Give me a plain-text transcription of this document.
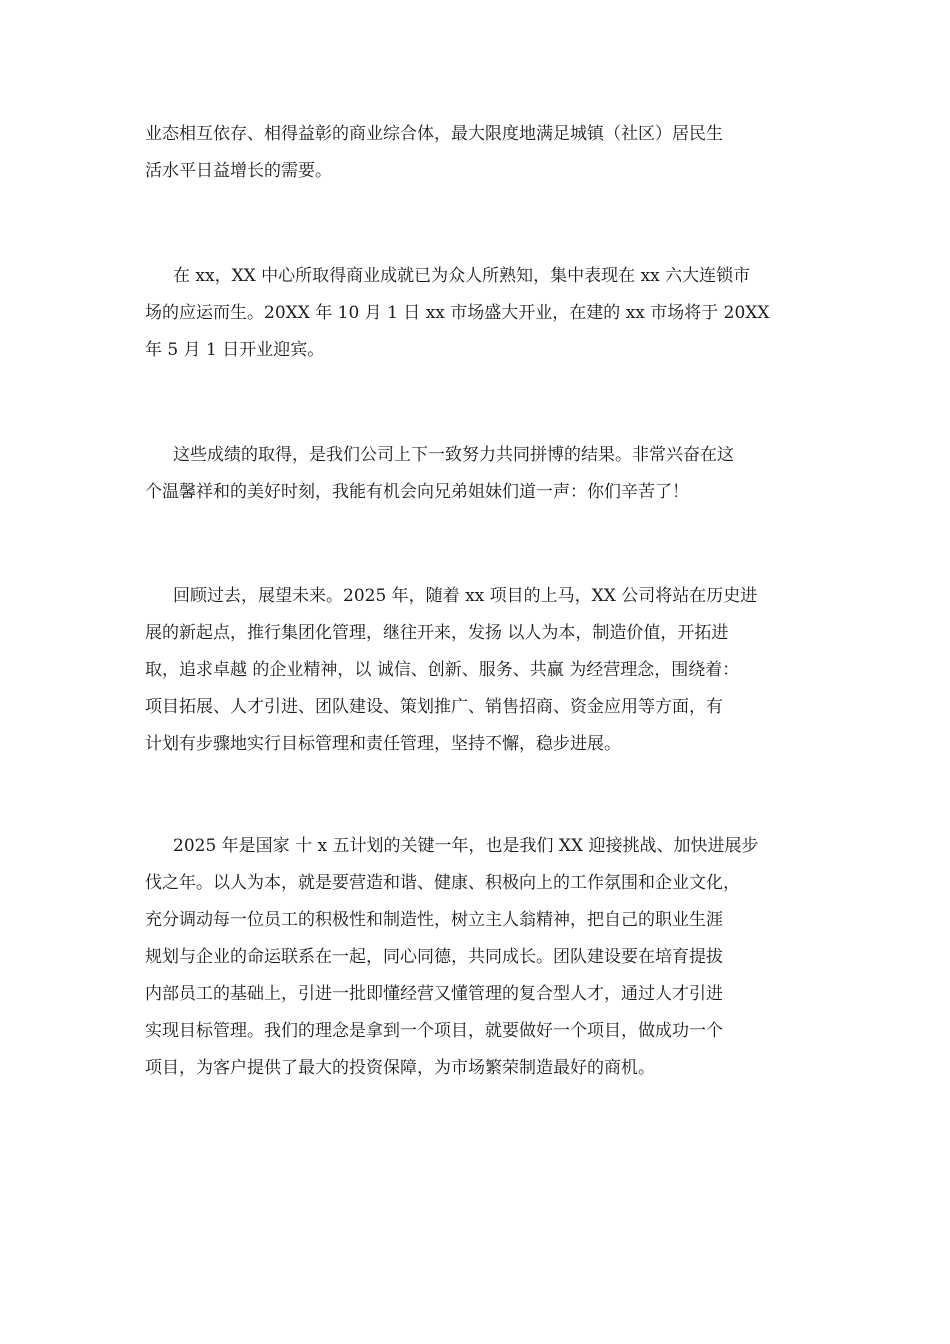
业态相互依存、相得益彰的商业综合体，最大限度地满足城镇（社区）居民生
活水平日益增长的需要。

在 xx，XX 中心所取得商业成就已为众人所熟知，集中表现在 xx 六大连锁市
场的应运而生。20XX 年 10 月 1 日 xx 市场盛大开业，在建的 xx 市场将于 20XX
年 5 月 1 日开业迎宾。

这些成绩的取得，是我们公司上下一致努力共同拼博的结果。非常兴奋在这
个温馨祥和的美好时刻，我能有机会向兄弟姐妹们道一声：你们辛苦了！

回顾过去，展望未来。2025 年，随着 xx 项目的上马，XX 公司将站在历史进
展的新起点，推行集团化管理，继往开来，发扬 以人为本，制造价值，开拓进
取，追求卓越 的企业精神，以 诚信、创新、服务、共赢 为经营理念，围绕着：
项目拓展、人才引进、团队建设、策划推广、销售招商、资金应用等方面，有
计划有步骤地实行目标管理和责任管理，坚持不懈，稳步进展。

2025 年是国家 十 x 五计划的关键一年，也是我们 XX 迎接挑战、加快进展步
伐之年。以人为本，就是要营造和谐、健康、积极向上的工作氛围和企业文化，
充分调动每一位员工的积极性和制造性，树立主人翁精神，把自己的职业生涯
规划与企业的命运联系在一起，同心同德，共同成长。团队建设要在培育提拔
内部员工的基础上，引进一批即懂经营又懂管理的复合型人才，通过人才引进
实现目标管理。我们的理念是拿到一个项目，就要做好一个项目，做成功一个
项目，为客户提供了最大的投资保障，为市场繁荣制造最好的商机。
